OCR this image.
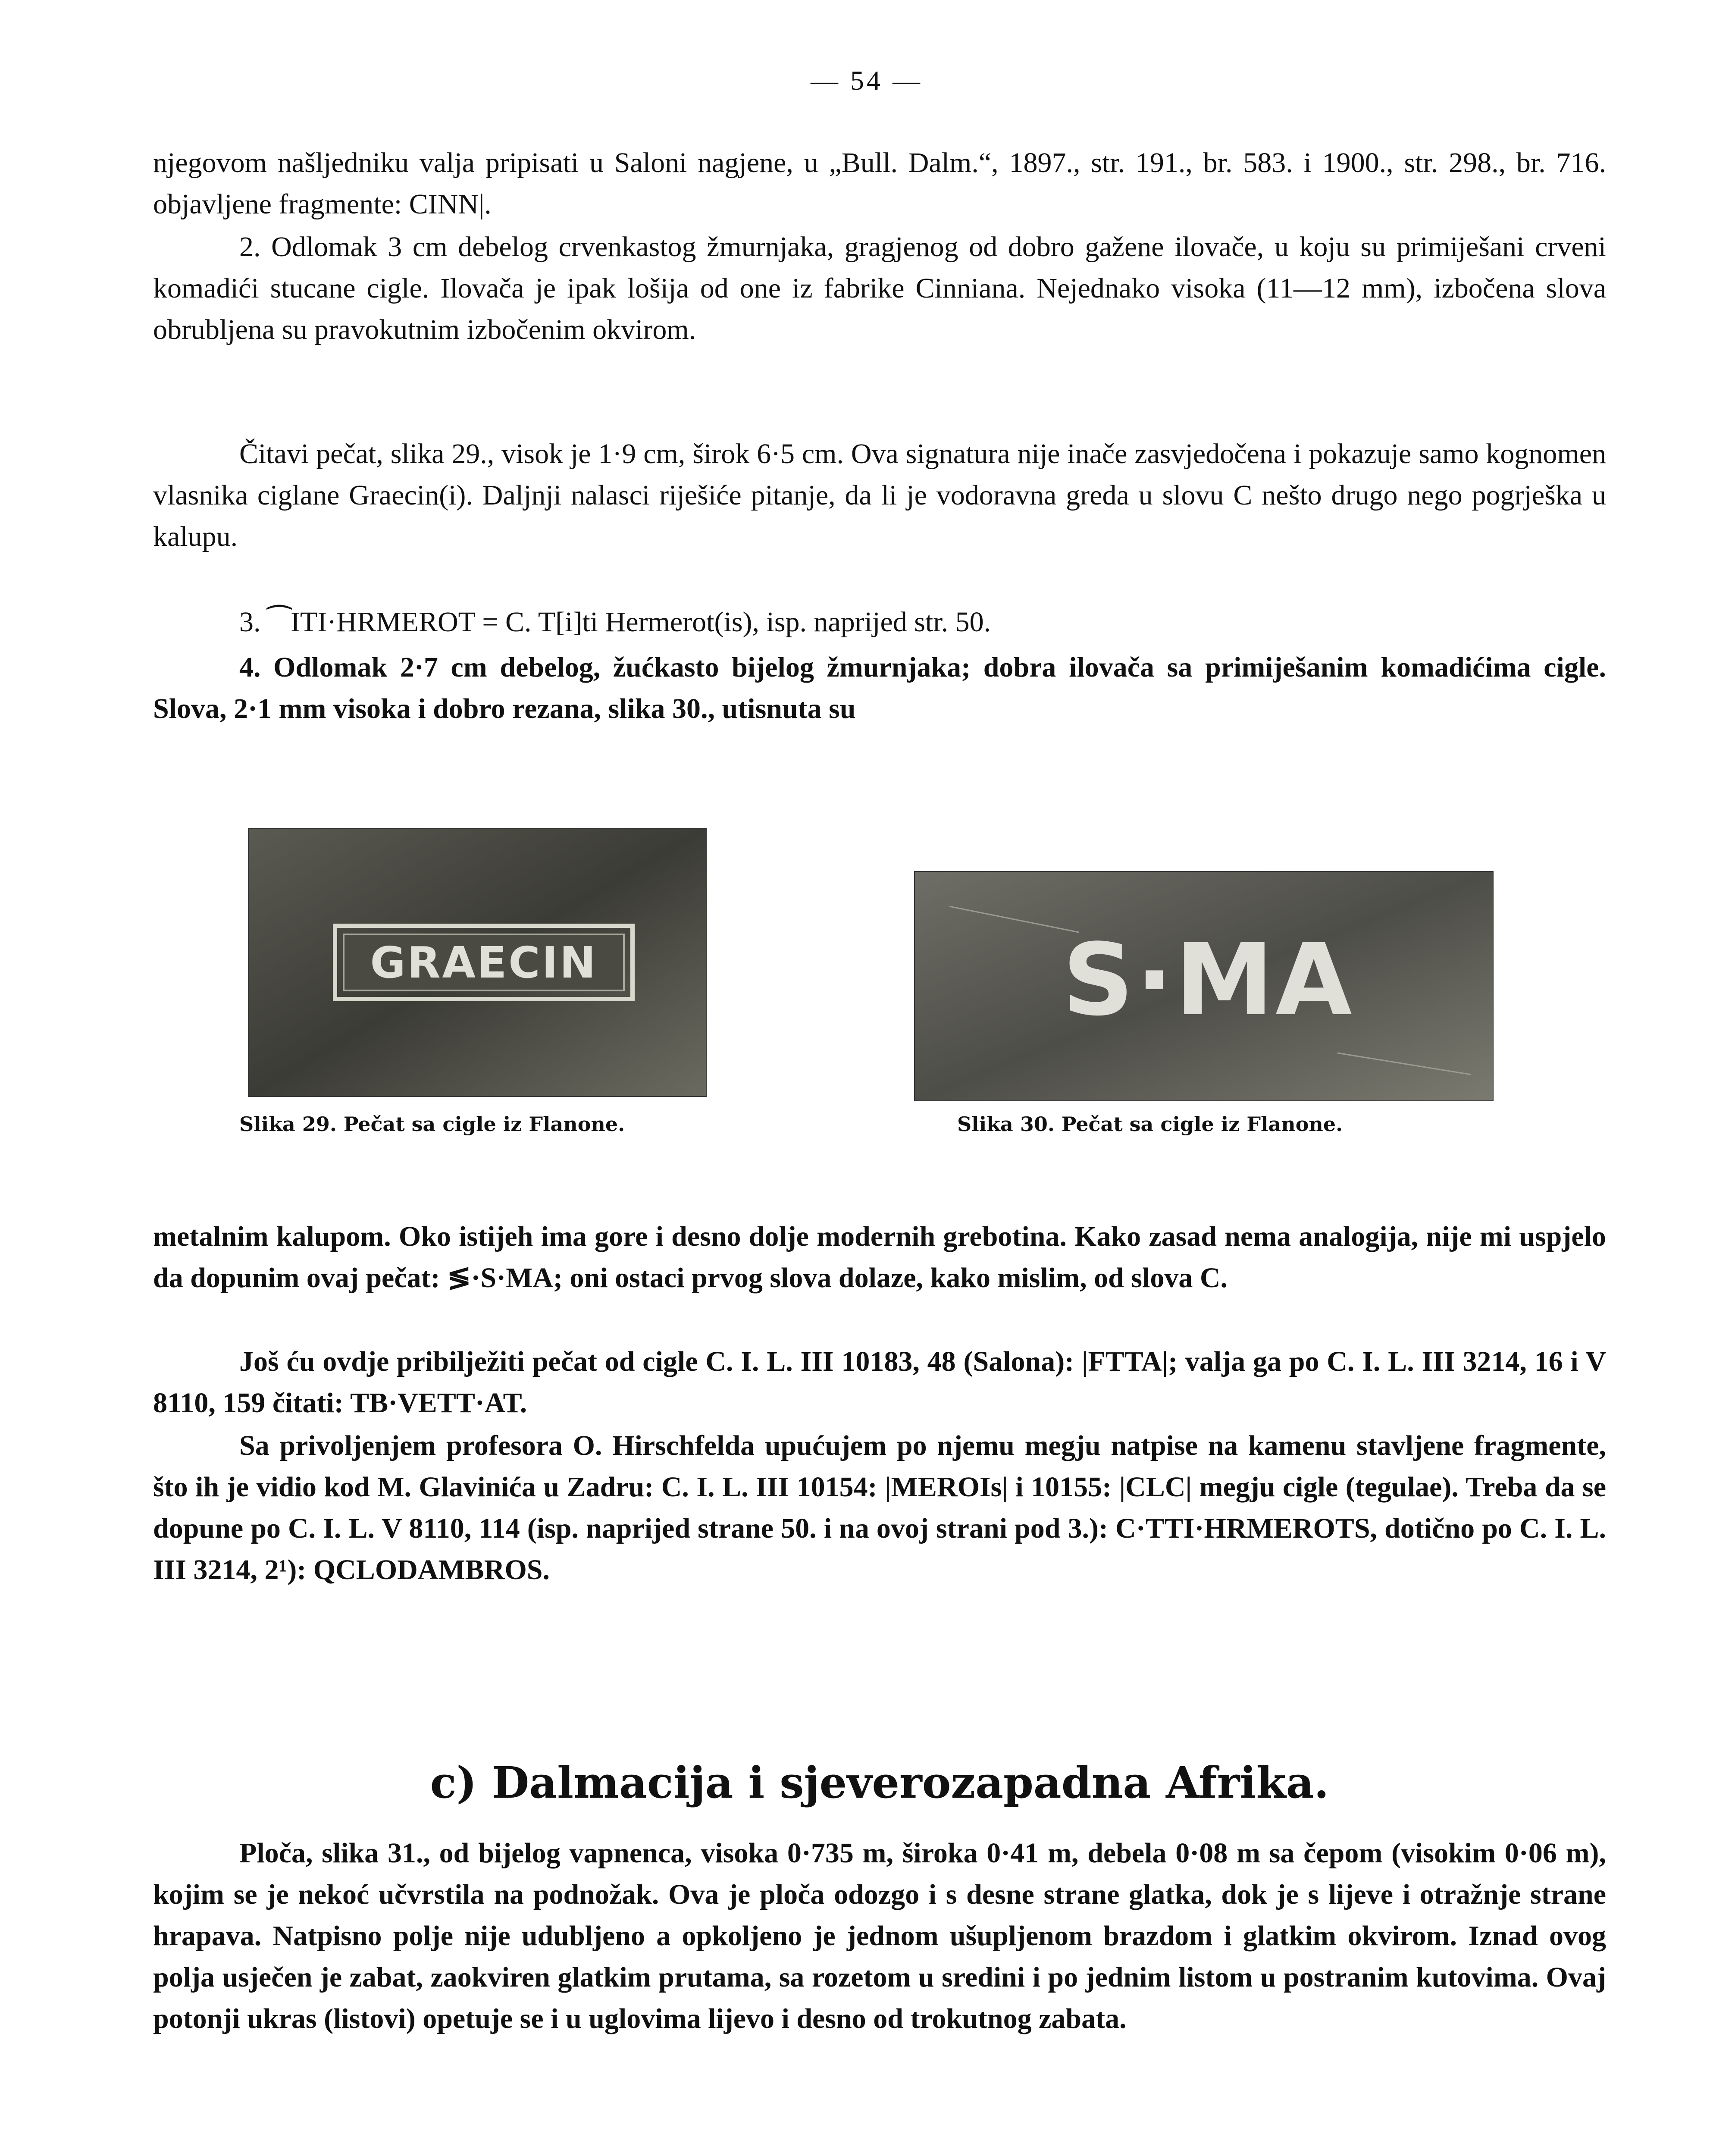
— 54 —

njegovom našljedniku valja pripisati u Saloni nagjene, u „Bull. Dalm.“, 1897., str. 191., br. 583. i 1900., str. 298., br. 716. objavljene fragmente: CINN|.

2. Odlomak 3 cm debelog crvenkastog žmurnjaka, gragjenog od dobro gažene ilovače, u koju su primiješani crveni komadići stucane cigle. Ilovača je ipak lošija od one iz fabrike Cinniana. Nejednako visoka (11—12 mm), izbočena slova obrubljena su pravokutnim izbočenim okvirom.

Čitavi pečat, slika 29., visok je 1·9 cm, širok 6·5 cm. Ova signatura nije inače zasvjedočena i pokazuje samo kognomen vlasnika ciglane Graecin(i). Daljnji nalasci riješiće pitanje, da li je vodoravna greda u slovu C nešto drugo nego pogrješka u kalupu.

3. ⁀ITI·HRMEROT = C. T[i]ti Hermerot(is), isp. naprijed str. 50.

4. Odlomak 2·7 cm debelog, žućkasto bijelog žmurnjaka; dobra ilovača sa primiješanim komadićima cigle. Slova, 2·1 mm visoka i dobro rezana, slika 30., utisnuta su

GRAECIN
Slika 29. Pečat sa cigle iz Flanone.
S·MA
Slika 30. Pečat sa cigle iz Flanone.

metalnim kalupom. Oko istijeh ima gore i desno dolje modernih grebotina. Kako zasad nema analogija, nije mi uspjelo da dopunim ovaj pečat: ≶·S·MA; oni ostaci prvog slova dolaze, kako mislim, od slova C.

Još ću ovdje pribilježiti pečat od cigle C. I. L. III 10183, 48 (Salona): |FTTA|; valja ga po C. I. L. III 3214, 16 i V 8110, 159 čitati: TB·VETT·AT.

Sa privoljenjem profesora O. Hirschfelda upućujem po njemu megju natpise na kamenu stavljene fragmente, što ih je vidio kod M. Glavinića u Zadru: C. I. L. III 10154: |MEROIs| i 10155: |CLC| megju cigle (tegulae). Treba da se dopune po C. I. L. V 8110, 114 (isp. naprijed strane 50. i na ovoj strani pod 3.): C·TTI·HRMEROTS, dotično po C. I. L. III 3214, 2¹): QCLODAMBROS.

c) Dalmacija i sjeverozapadna Afrika.

Ploča, slika 31., od bijelog vapnenca, visoka 0·735 m, široka 0·41 m, debela 0·08 m sa čepom (visokim 0·06 m), kojim se je nekoć učvrstila na podnožak. Ova je ploča odozgo i s desne strane glatka, dok je s lijeve i otražnje strane hrapava. Natpisno polje nije udubljeno a opkoljeno je jednom ušupljenom brazdom i glatkim okvirom. Iznad ovog polja usječen je zabat, zaokviren glatkim prutama, sa rozetom u sredini i po jednim listom u postranim kutovima. Ovaj potonji ukras (listovi) opetuje se i u uglovima lijevo i desno od trokutnog zabata.
